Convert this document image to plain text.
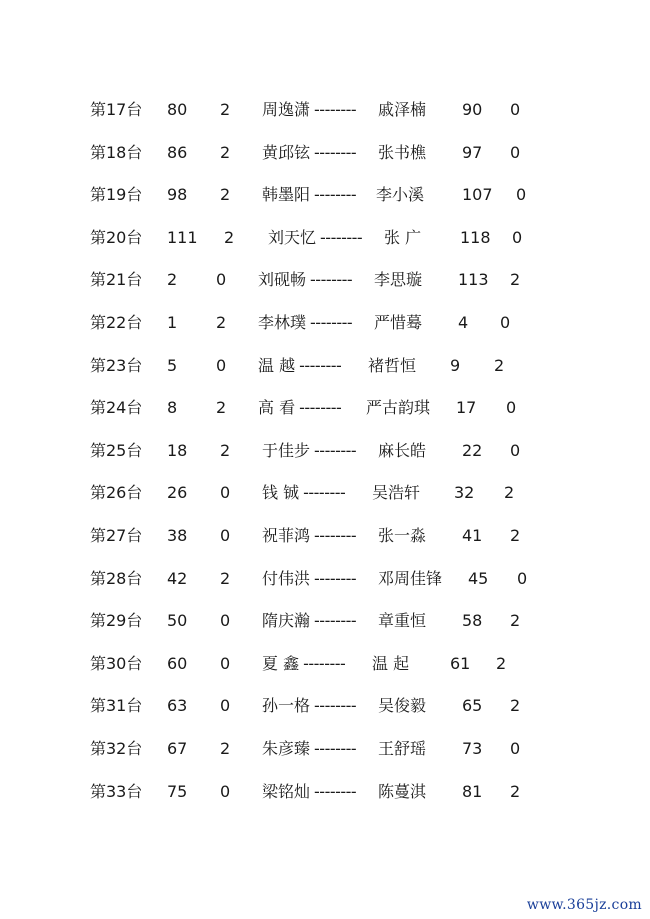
第17台 80 2 周逸潇	戚泽楠 90 0
--------
第18台 86 2 黄邱铉	张书樵 97 0
--------
第19台 98 2 韩墨阳	李小溪 107 0
--------
第20台 111 2 刘天忆	张 广 118 0
--------
第21台 2 0 刘砚畅	李思璇 113 2
--------
第22台 1 2 李林璞	严惜蓦 4 0
--------
第23台 5 0 温 越	褚哲恒 9 2
--------
第24台 8 2 高 看	严古韵琪 17 0
--------
第25台 18 2 于佳步	麻长皓 22 0
--------
第26台 26 0 钱 铖	吴浩轩 32 2
--------
第27台 38 0 祝菲鸿	张一淼 41 2
--------
第28台 42 2 付伟洪	邓周佳锋 45 0
--------
第29台 50 0 隋庆瀚	章重恒 58 2
--------
第30台 60 0 夏 鑫	温 起	61 2
--------
第31台 63 0 孙一格	吴俊毅 65 2
--------
第32台 67 2 朱彦臻	王舒瑶 73 0
--------
第33台 75 0 梁铭灿	陈蔓淇 81 2
--------
www.365jz.com
